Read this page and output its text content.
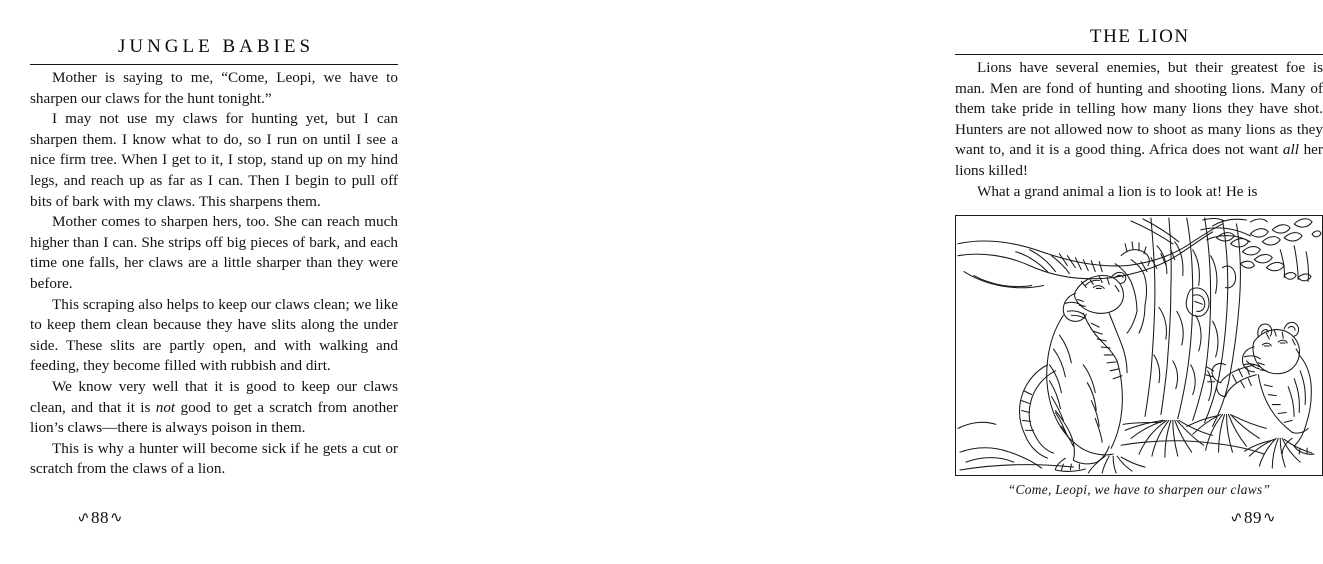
JUNGLE BABIES

Mother is saying to me, “Come, Leopi, we have to sharpen our claws for the hunt tonight.”

I may not use my claws for hunting yet, but I can sharpen them. I know what to do, so I run on until I see a nice firm tree. When I get to it, I stop, stand up on my hind legs, and reach up as far as I can. Then I begin to pull off bits of bark with my claws. This sharpens them.

Mother comes to sharpen hers, too. She can reach much higher than I can. She strips off big pieces of bark, and each time one falls, her claws are a little sharper than they were before.

This scraping also helps to keep our claws clean; we like to keep them clean because they have slits along the under side. These slits are partly open, and with walking and feeding, they become filled with rubbish and dirt.

We know very well that it is good to keep our claws clean, and that it is not good to get a scratch from another lion’s claws—there is always poison in them.

This is why a hunter will become sick if he gets a cut or scratch from the claws of a lion.

∿88∿
THE LION

Lions have several enemies, but their greatest foe is man. Men are fond of hunting and shooting lions. Many of them take pride in telling how many lions they have shot. Hunters are not allowed now to shoot as many lions as they want to, and it is a good thing. Africa does not want all her lions killed!

What a grand animal a lion is to look at! He is

“Come, Leopi, we have to sharpen our claws”
∿89∿
